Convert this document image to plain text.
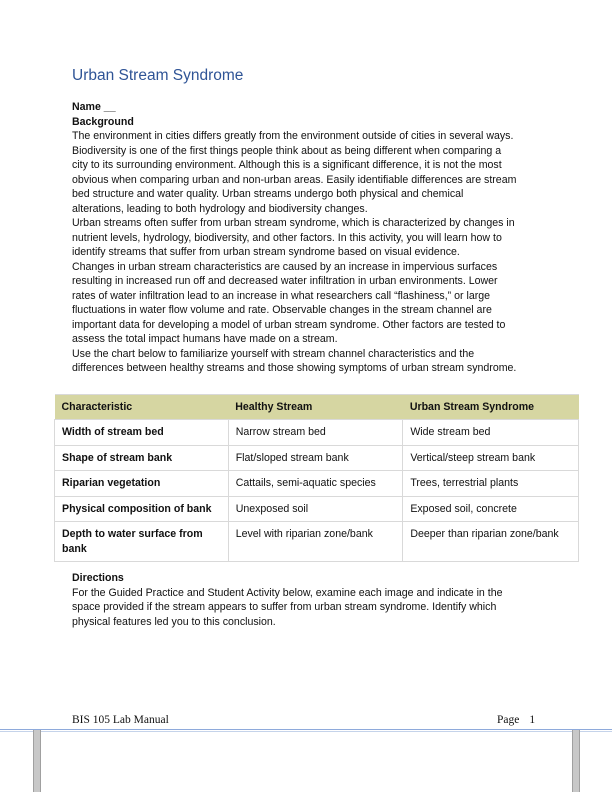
Urban Stream Syndrome
Name __
Background
The environment in cities differs greatly from the environment outside of cities in several ways.
Biodiversity is one of the first things people think about as being different when comparing a
city to its surrounding environment. Although this is a significant difference, it is not the most
obvious when comparing urban and non-urban areas. Easily identifiable differences are stream
bed structure and water quality. Urban streams undergo both physical and chemical
alterations, leading to both hydrology and biodiversity changes.
Urban streams often suffer from urban stream syndrome, which is characterized by changes in
nutrient levels, hydrology, biodiversity, and other factors. In this activity, you will learn how to
identify streams that suffer from urban stream syndrome based on visual evidence.
Changes in urban stream characteristics are caused by an increase in impervious surfaces
resulting in increased run off and decreased water infiltration in urban environments. Lower
rates of water infiltration lead to an increase in what researchers call “flashiness,” or large
fluctuations in water flow volume and rate. Observable changes in the stream channel are
important data for developing a model of urban stream syndrome. Other factors are tested to
assess the total impact humans have made on a stream.
Use the chart below to familiarize yourself with stream channel characteristics and the
differences between healthy streams and those showing symptoms of urban stream syndrome.
Characteristic	Healthy Stream	Urban Stream Syndrome
Width of stream bed	Narrow stream bed	Wide stream bed
Shape of stream bank	Flat/sloped stream bank	Vertical/steep stream bank
Riparian vegetation	Cattails, semi-aquatic species	Trees, terrestrial plants
Physical composition of bank	Unexposed soil	Exposed soil, concrete
Depth to water surface from bank	Level with riparian zone/bank	Deeper than riparian zone/bank
Directions
For the Guided Practice and Student Activity below, examine each image and indicate in the
space provided if the stream appears to suffer from urban stream syndrome. Identify which
physical features led you to this conclusion.
BIS 105 Lab Manual	Page 1
